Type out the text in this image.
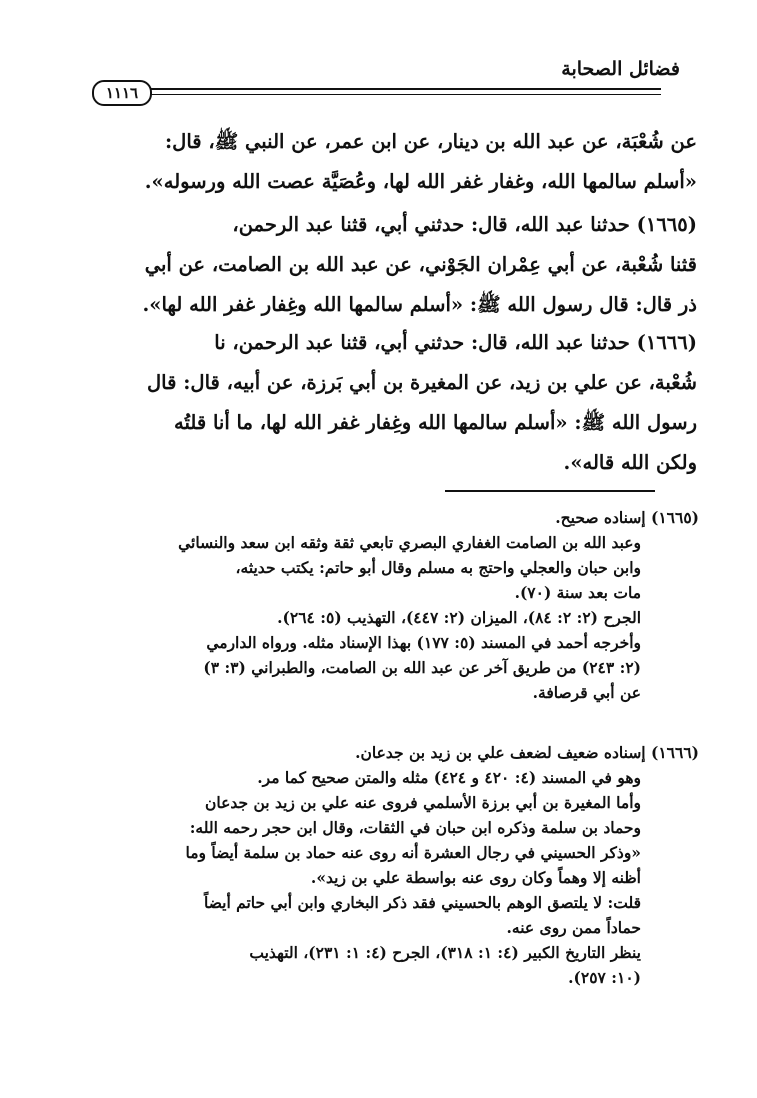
فضائل الصحابة
١١١٦
عن شُعْبَة، عن عبد الله بن دينار، عن ابن عمر، عن النبي ﷺ، قال:
«أسلم سالمها الله، وغفار غفر الله لها، وعُصَيَّة عصت الله ورسوله».
(١٦٦٥) حدثنا عبد الله، قال: حدثني أبي، قثنا عبد الرحمن،
قثنا شُعْبة، عن أبي عِمْران الجَوْني، عن عبد الله بن الصامت، عن أبي
ذر قال: قال رسول الله ﷺ: «أسلم سالمها الله وغِفار غفر الله لها».
(١٦٦٦) حدثنا عبد الله، قال: حدثني أبي، قثنا عبد الرحمن، نا
شُعْبة، عن علي بن زيد، عن المغيرة بن أبي بَرزة، عن أبيه، قال: قال
رسول الله ﷺ: «أسلم سالمها الله وغِفار غفر الله لها، ما أنا قلتُه
ولكن الله قاله».
(١٦٦٥) إسناده صحيح.
وعبد الله بن الصامت الغفاري البصري تابعي ثقة وثقه ابن سعد والنسائي
وابن حبان والعجلي واحتج به مسلم وقال أبو حاتم: يكتب حديثه،
مات بعد سنة (٧٠).
الجرح (٢: ٢: ٨٤)، الميزان (٢: ٤٤٧)، التهذيب (٥: ٢٦٤).
وأخرجه أحمد في المسند (٥: ١٧٧) بهذا الإسناد مثله. ورواه الدارمي
(٢: ٢٤٣) من طريق آخر عن عبد الله بن الصامت، والطبراني (٣: ٣)
عن أبي قرصافة.
(١٦٦٦) إسناده ضعيف لضعف علي بن زيد بن جدعان.
وهو في المسند (٤: ٤٢٠ و ٤٢٤) مثله والمتن صحيح كما مر.
وأما المغيرة بن أبي برزة الأسلمي فروى عنه علي بن زيد بن جدعان
وحماد بن سلمة وذكره ابن حبان في الثقات، وقال ابن حجر رحمه الله:
«وذكر الحسيني في رجال العشرة أنه روى عنه حماد بن سلمة أيضاً وما
أظنه إلا وهماً وكان روى عنه بواسطة علي بن زيد».
قلت: لا يلتصق الوهم بالحسيني فقد ذكر البخاري وابن أبي حاتم أيضاً
حماداً ممن روى عنه.
ينظر التاريخ الكبير (٤: ١: ٣١٨)، الجرح (٤: ١: ٢٣١)، التهذيب
(١٠: ٢٥٧).
